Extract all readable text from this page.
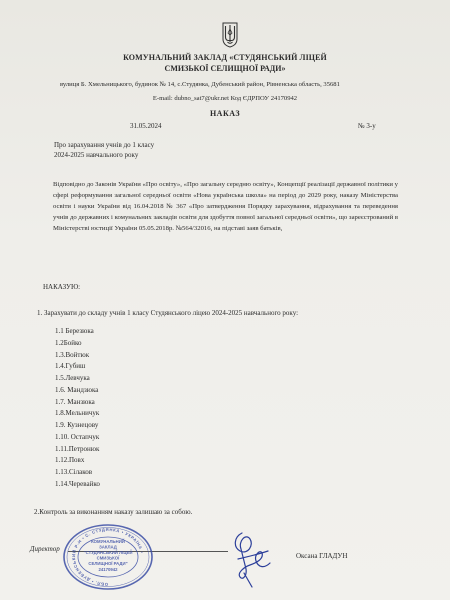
КОМУНАЛЬНИЙ ЗАКЛАД «СТУДЯНСЬКИЙ ЛІЦЕЙ
СМИЗЬКОЇ СЕЛИЩНОЇ РАДИ»
вулиця Б. Хмельницького, будинок № 14, с.Студянка, Дубенський район, Рівненська область, 35681
E-mail: dubno_sat7@ukr.net Код ЄДРПОУ 24170942
НАКАЗ
31.05.2024	№ 3-у
Про зарахування учнів до 1 класу
2024-2025 навчального року
Відповідно до Законів України «Про освіту», «Про загальну середню освіту», Концепції реалізації державної політики у сфері реформування загальної середньої освіти «Нова українська школа» на період до 2029 року, наказу Міністерства освіти і науки України від 16.04.2018 № 367 «Про затвердження Порядку зарахування, відрахування та переведення учнів до державних і комунальних закладів освіти для здобуття повної загальної середньої освіти», що зареєстрований в Міністерстві юстиції України 05.05.2018р. №564/32016, на підставі заяв батьків,
НАКАЗУЮ:
1. Зарахувати до складу учнів 1 класу Студянського ліцею 2024-2025 навчального року:
1.1 Березюка
1.2Бойко
1.3.Войтюк
1.4.Губиш
1.5.Левчука
1.6. Мандзюка
1.7. Манзюка
1.8.Мельничук
1.9. Кузнецову
1.10. Остапчук
1.11.Петронюк
1.12.Повх
1.13.Сілаков
1.14.Черевайко
2.Контроль за виконанням наказу залишаю за собою.
Директор
Оксана ГЛАДУН
ОБЛ. • ДУБЕНСЬКИЙ Р-Н • С. СТУДЯНКА • УКРАЇНА •
КОМУНАЛЬНИЙ
ЗАКЛАД
"СТУДЯНСЬКИЙ ЛІЦЕЙ
СМИЗЬКОЇ
СЕЛИЩНОЇ РАДИ"
24170942
